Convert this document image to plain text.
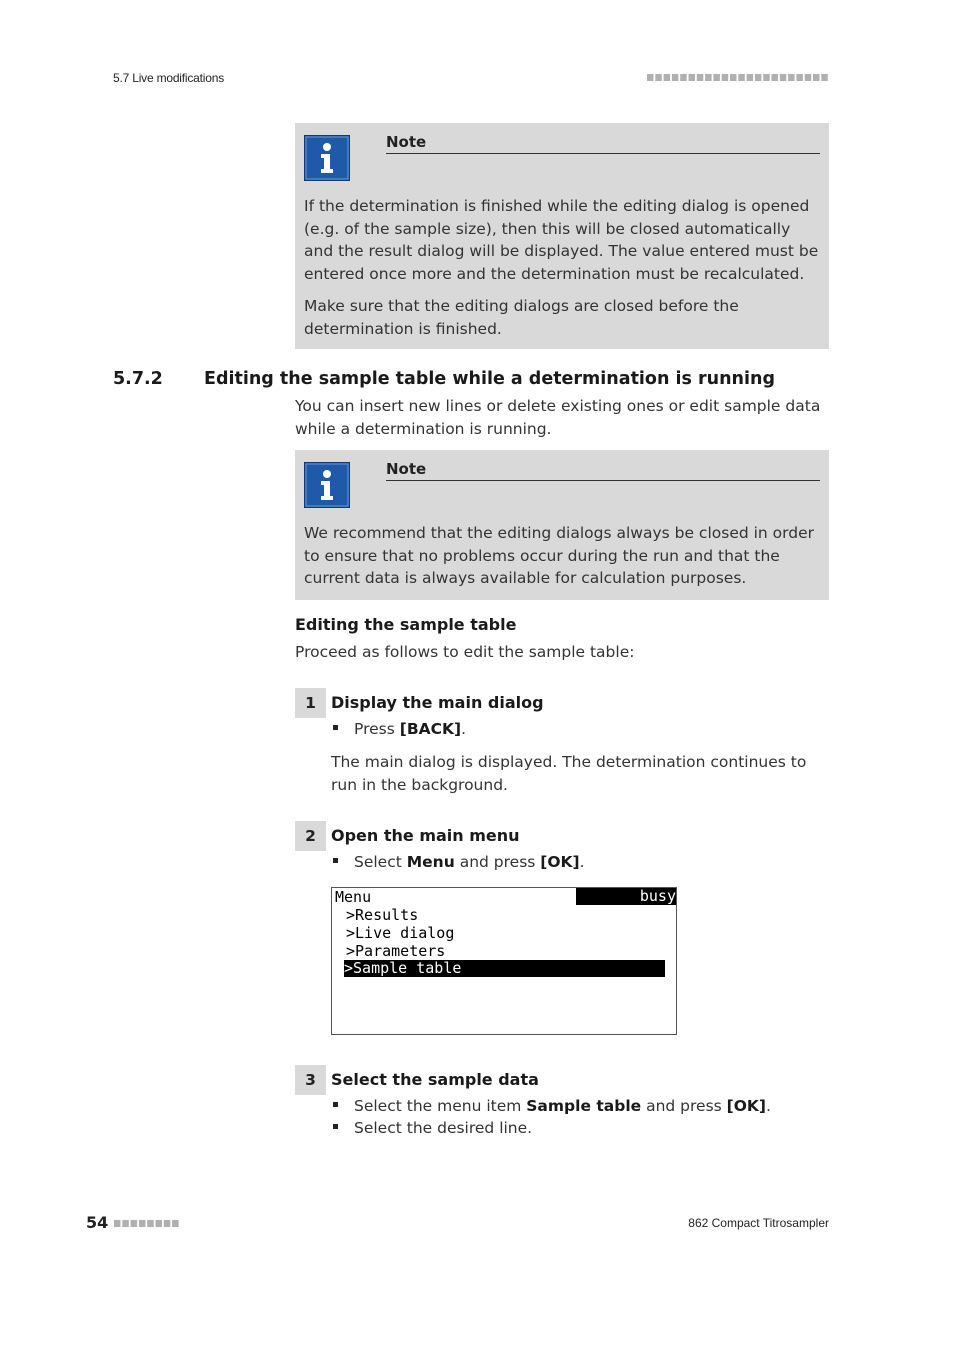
5.7 Live modifications
Note

If the determination is finished while the editing dialog is opened (e.g. of the sample size), then this will be closed automatically and the result dialog will be displayed. The value entered must be entered once more and the determination must be recalculated.

Make sure that the editing dialogs are closed before the determination is finished.

5.7.2 Editing the sample table while a determination is running
You can insert new lines or delete existing ones or edit sample data while a determination is running.
Note

We recommend that the editing dialogs always be closed in order to ensure that no problems occur during the run and that the current data is always available for calculation purposes.

Editing the sample table
Proceed as follows to edit the sample table:
1 Display the main dialog
Press [BACK].
The main dialog is displayed. The determination continues to run in the background.
2 Open the main menu
Select Menu and press [OK].
Menu	busy
>Results
>Live dialog
>Parameters
>Sample table
3 Select the sample data
Select the menu item Sample table and press [OK].
Select the desired line.
54	862 Compact Titrosampler
